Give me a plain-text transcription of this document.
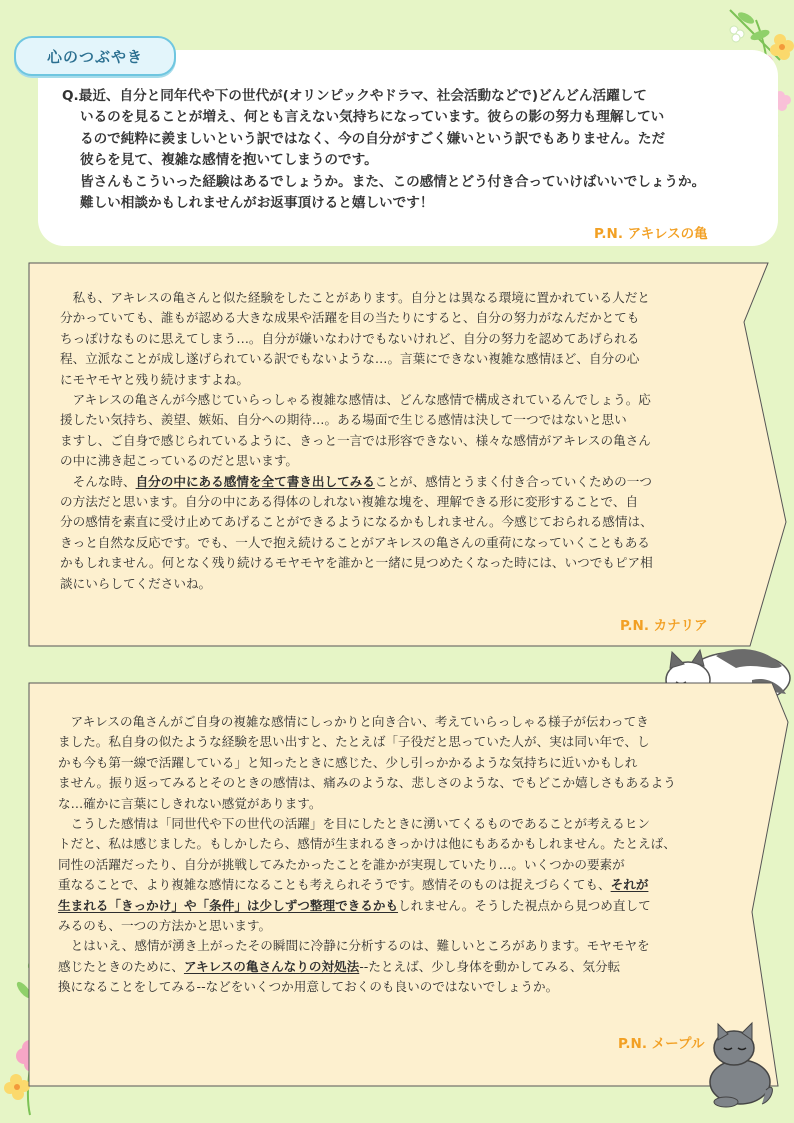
Q.最近、自分と同年代や下の世代が(オリンピックやドラマ、社会活動などで)どんどん活躍して
いるのを見ることが増え、何とも言えない気持ちになっています。彼らの影の努力も理解してい
るので純粋に羨ましいという訳ではなく、今の自分がすごく嫌いという訳でもありません。ただ
彼らを見て、複雑な感情を抱いてしまうのです。
皆さんもこういった経験はあるでしょうか。また、この感情とどう付き合っていけばいいでしょうか。
難しい相談かもしれませんがお返事頂けると嬉しいです！
P.N. アキレスの亀
心のつぶやき
　私も、アキレスの亀さんと似た経験をしたことがあります。自分とは異なる環境に置かれている人だと
分かっていても、誰もが認める大きな成果や活躍を目の当たりにすると、自分の努力がなんだかとても
ちっぽけなものに思えてしまう…。自分が嫌いなわけでもないけれど、自分の努力を認めてあげられる
程、立派なことが成し遂げられている訳でもないような…。言葉にできない複雑な感情ほど、自分の心
にモヤモヤと残り続けますよね。
　アキレスの亀さんが今感じていらっしゃる複雑な感情は、どんな感情で構成されているんでしょう。応
援したい気持ち、羨望、嫉妬、自分への期待…。ある場面で生じる感情は決して一つではないと思い
ますし、ご自身で感じられているように、きっと一言では形容できない、様々な感情がアキレスの亀さん
の中に沸き起こっているのだと思います。
　そんな時、自分の中にある感情を全て書き出してみることが、感情とうまく付き合っていくための一つ
の方法だと思います。自分の中にある得体のしれない複雑な塊を、理解できる形に変形することで、自
分の感情を素直に受け止めてあげることができるようになるかもしれません。今感じておられる感情は、
きっと自然な反応です。でも、一人で抱え続けることがアキレスの亀さんの重荷になっていくこともある
かもしれません。何となく残り続けるモヤモヤを誰かと一緒に見つめたくなった時には、いつでもピア相
談にいらしてくださいね。
P.N. カナリア
　アキレスの亀さんがご自身の複雑な感情にしっかりと向き合い、考えていらっしゃる様子が伝わってき
ました。私自身の似たような経験を思い出すと、たとえば「子役だと思っていた人が、実は同い年で、し
かも今も第一線で活躍している」と知ったときに感じた、少し引っかかるような気持ちに近いかもしれ
ません。振り返ってみるとそのときの感情は、痛みのような、悲しさのような、でもどこか嬉しさもあるよう
な…確かに言葉にしきれない感覚があります。
　こうした感情は「同世代や下の世代の活躍」を目にしたときに湧いてくるものであることが考えるヒン
トだと、私は感じました。もしかしたら、感情が生まれるきっかけは他にもあるかもしれません。たとえば、
同性の活躍だったり、自分が挑戦してみたかったことを誰かが実現していたり…。いくつかの要素が
重なることで、より複雑な感情になることも考えられそうです。感情そのものは捉えづらくても、それが
生まれる「きっかけ」や「条件」は少しずつ整理できるかもしれません。そうした視点から見つめ直して
みるのも、一つの方法かと思います。
　とはいえ、感情が湧き上がったその瞬間に冷静に分析するのは、難しいところがあります。モヤモヤを
感じたときのために、アキレスの亀さんなりの対処法‐‐たとえば、少し身体を動かしてみる、気分転
換になることをしてみる‐‐などをいくつか用意しておくのも良いのではないでしょうか。
P.N. メープル
